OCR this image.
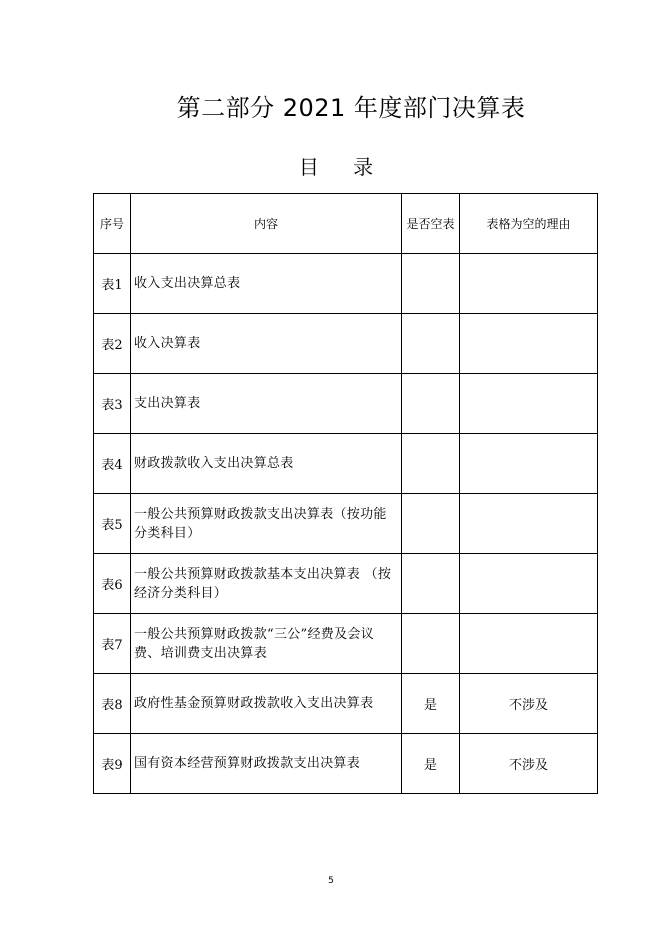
第二部分 2021 年度部门决算表
目 录
序号	内容	是否空表	表格为空的理由
表1	收入支出决算总表		

表2	收入决算表		

表3	支出决算表		

表4	财政拨款收入支出决算总表		

表5	一般公共预算财政拨款支出决算表（按功能分类科目）		

表6	一般公共预算财政拨款基本支出决算表 （按经济分类科目）		

表7	一般公共预算财政拨款“三公”经费及会议费、培训费支出决算表		

表8	政府性基金预算财政拨款收入支出决算表	是	不涉及
表9	国有资本经营预算财政拨款支出决算表	是	不涉及
5
